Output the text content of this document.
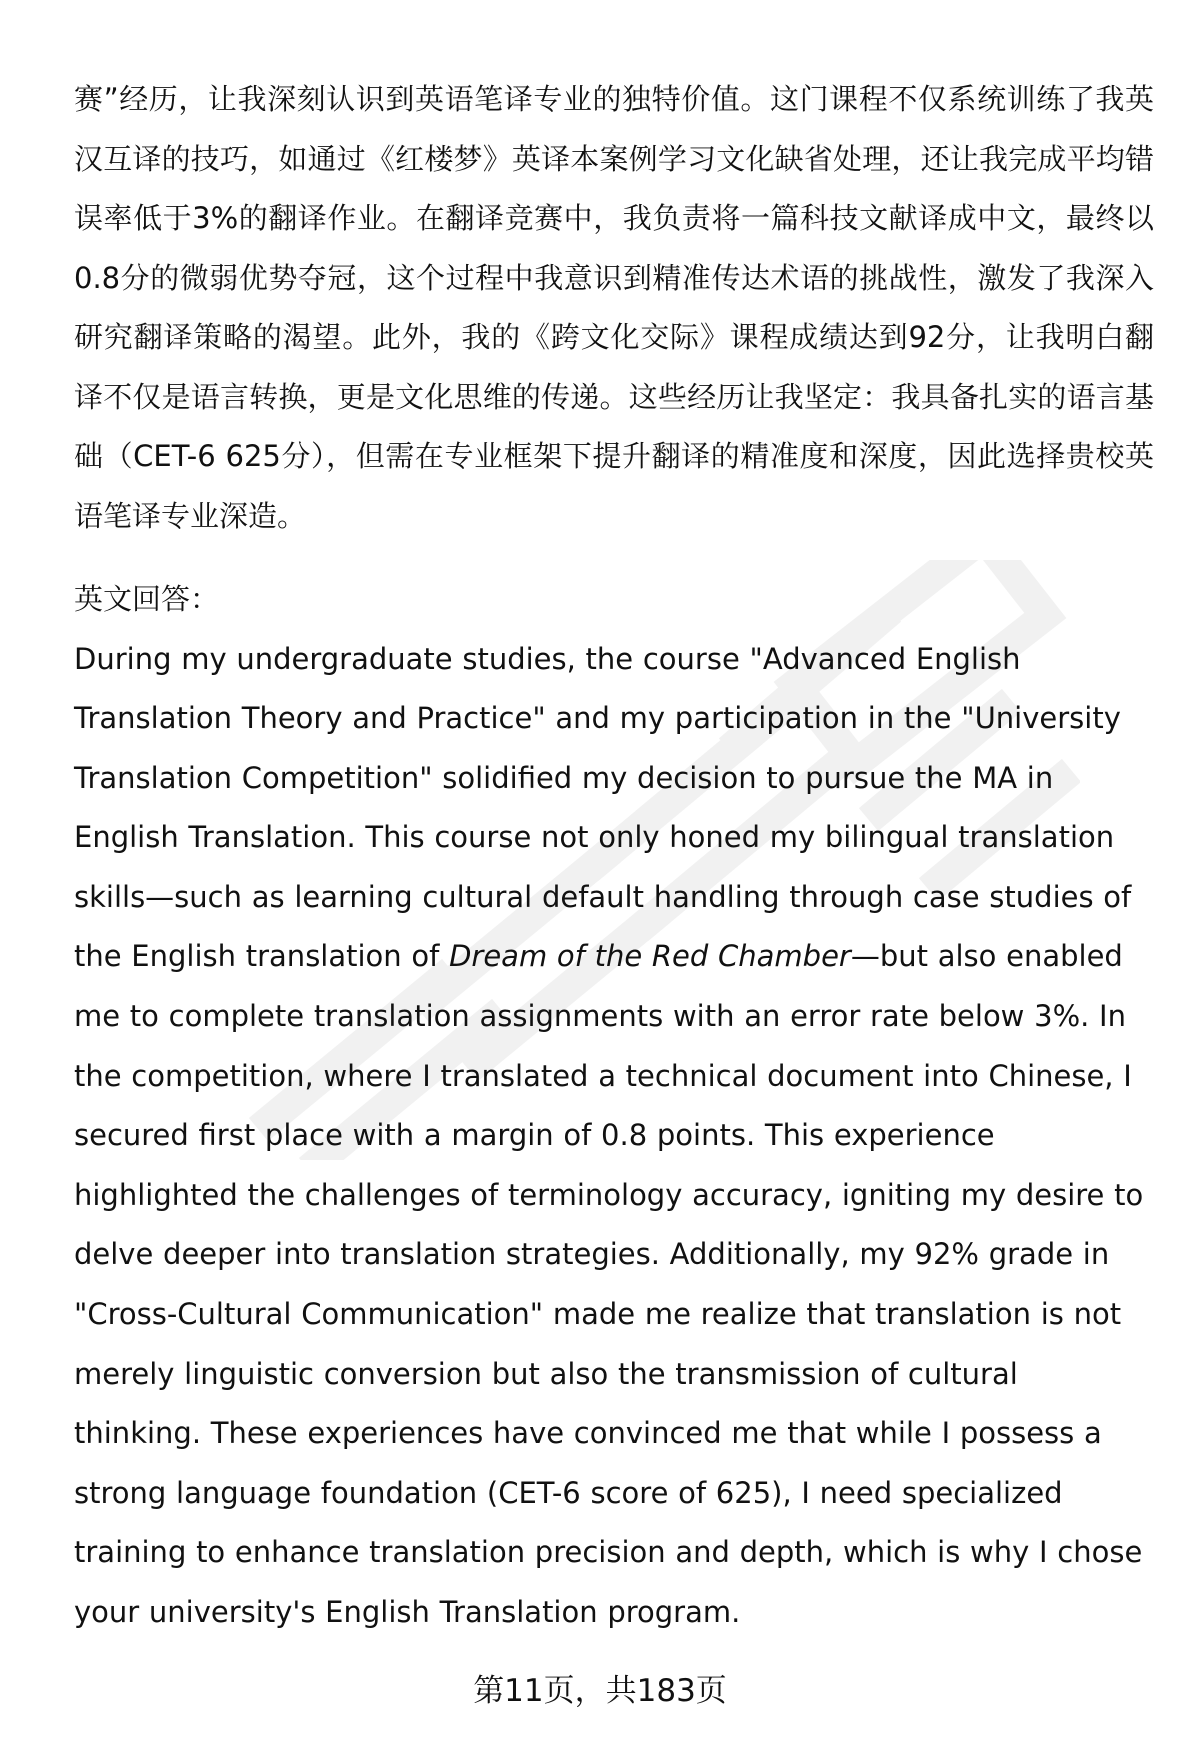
赛”经历，让我深刻认识到英语笔译专业的独特价值。这门课程不仅系统训练了我英汉互译的技巧，如通过《红楼梦》英译本案例学习文化缺省处理，还让我完成平均错误率低于3%的翻译作业。在翻译竞赛中，我负责将一篇科技文献译成中文，最终以0.8分的微弱优势夺冠，这个过程中我意识到精准传达术语的挑战性，激发了我深入研究翻译策略的渴望。此外，我的《跨文化交际》课程成绩达到92分，让我明白翻译不仅是语言转换，更是文化思维的传递。这些经历让我坚定：我具备扎实的语言基础（CET-6 625分），但需在专业框架下提升翻译的精准度和深度，因此选择贵校英语笔译专业深造。

英文回答：

During my undergraduate studies, the course "Advanced English Translation Theory and Practice" and my participation in the "University Translation Competition" solidified my decision to pursue the MA in English Translation. This course not only honed my bilingual translation skills—such as learning cultural default handling through case studies of the English translation of Dream of the Red Chamber—but also enabled me to complete translation assignments with an error rate below 3%. In the competition, where I translated a technical document into Chinese, I secured first place with a margin of 0.8 points. This experience highlighted the challenges of terminology accuracy, igniting my desire to delve deeper into translation strategies. Additionally, my 92% grade in "Cross-Cultural Communication" made me realize that translation is not merely linguistic conversion but also the transmission of cultural thinking. These experiences have convinced me that while I possess a strong language foundation (CET-6 score of 625), I need specialized training to enhance translation precision and depth, which is why I chose your university's English Translation program.

第11页，共183页
